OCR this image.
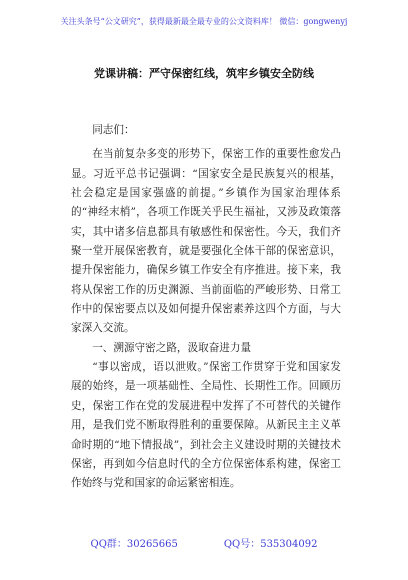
关注头条号“公文研究”，获得最新最全最专业的公文资料库！ 微信：gongwenyj
党课讲稿：严守保密红线，筑牢乡镇安全防线

同志们：

在当前复杂多变的形势下，保密工作的重要性愈发凸显。习近平总书记强调：“国家安全是民族复兴的根基，社会稳定是国家强盛的前提。”乡镇作为国家治理体系的“神经末梢”，各项工作既关乎民生福祉，又涉及政策落实，其中诸多信息都具有敏感性和保密性。今天，我们齐聚一堂开展保密教育，就是要强化全体干部的保密意识，提升保密能力，确保乡镇工作安全有序推进。接下来，我将从保密工作的历史渊源、当前面临的严峻形势、日常工作中的保密要点以及如何提升保密素养这四个方面，与大家深入交流。

一、溯源守密之路，汲取奋进力量

“事以密成，语以泄败。”保密工作贯穿于党和国家发展的始终，是一项基础性、全局性、长期性工作。回顾历史，保密工作在党的发展进程中发挥了不可替代的关键作用，是我们党不断取得胜利的重要保障。从新民主主义革命时期的“地下情报战”，到社会主义建设时期的关键技术保密，再到如今信息时代的全方位保密体系构建，保密工作始终与党和国家的命运紧密相连。

QQ群：30265665	QQ号：535304092
